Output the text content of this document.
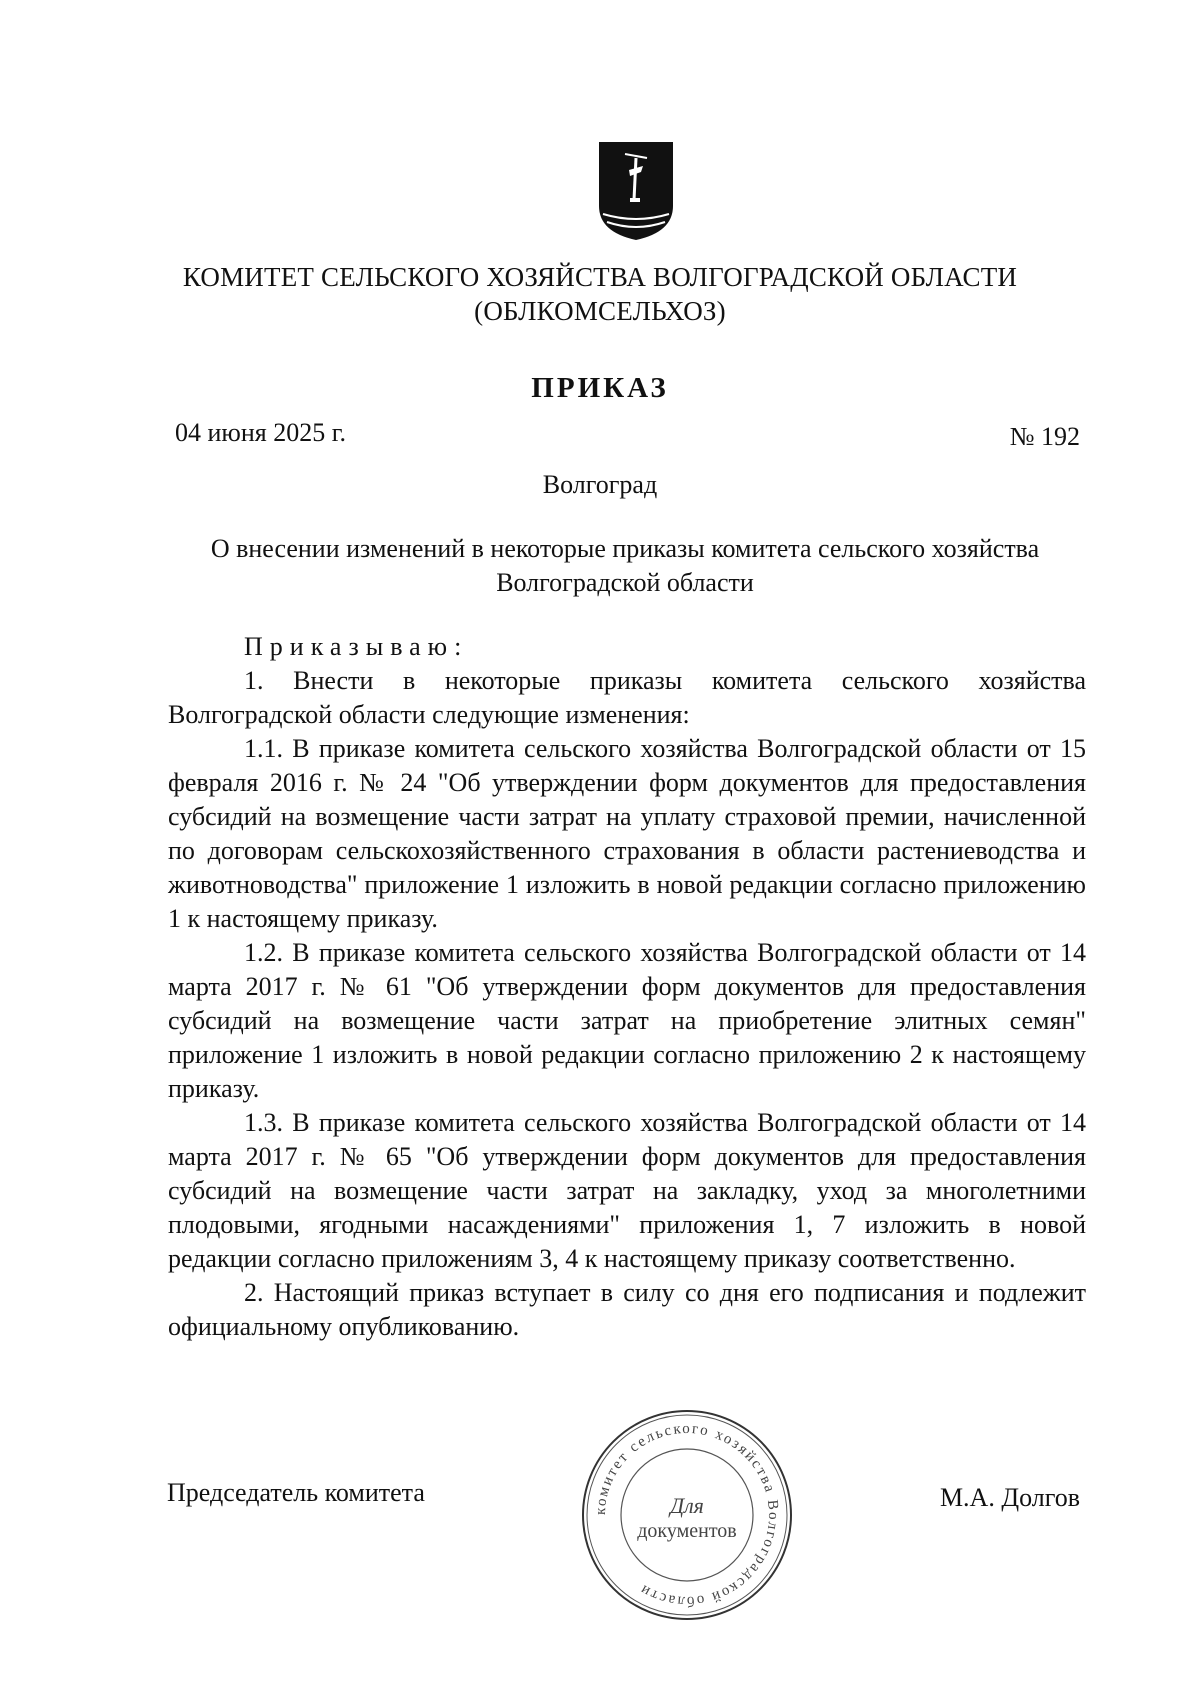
КОМИТЕТ СЕЛЬСКОГО ХОЗЯЙСТВА ВОЛГОГРАДСКОЙ ОБЛАСТИ
(ОБЛКОМСЕЛЬХОЗ)
ПРИКАЗ
04 июня 2025 г.	№ 192
Волгоград
О внесении изменений в некоторые приказы комитета сельского хозяйства Волгоградской области

Приказываю:

1. Внести в некоторые приказы комитета сельского хозяйства Волгоградской области следующие изменения:

1.1. В приказе комитета сельского хозяйства Волгоградской области от 15 февраля 2016 г. № 24 "Об утверждении форм документов для предоставления субсидий на возмещение части затрат на уплату страховой премии, начисленной по договорам сельскохозяйственного страхования в области растениеводства и животноводства" приложение 1 изложить в новой редакции согласно приложению 1 к настоящему приказу.

1.2. В приказе комитета сельского хозяйства Волгоградской области от 14 марта 2017 г. № 61 "Об утверждении форм документов для предоставления субсидий на возмещение части затрат на приобретение элитных семян" приложение 1 изложить в новой редакции согласно приложению 2 к настоящему приказу.

1.3. В приказе комитета сельского хозяйства Волгоградской области от 14 марта 2017 г. № 65 "Об утверждении форм документов для предоставления субсидий на возмещение части затрат на закладку, уход за многолетними плодовыми, ягодными насаждениями" приложения 1, 7 изложить в новой редакции согласно приложениям 3, 4 к настоящему приказу соответственно.

2. Настоящий приказ вступает в силу со дня его подписания и подлежит официальному опубликованию.

Председатель комитета	М.А. Долгов
комитет сельского хозяйства Волгоградской области
Для
документов
